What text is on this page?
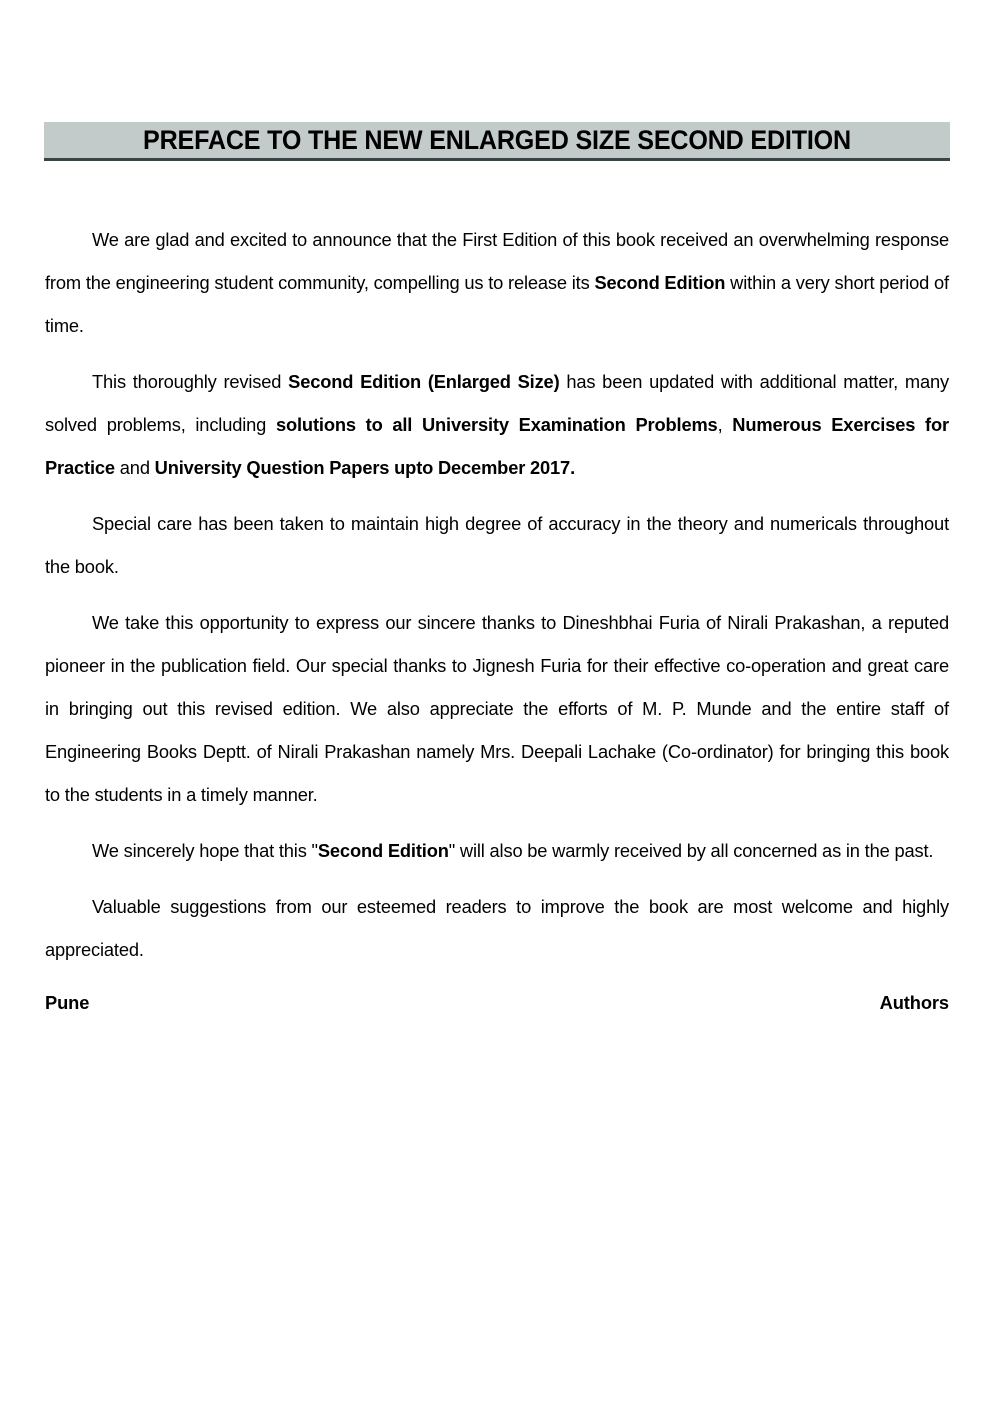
PREFACE TO THE NEW ENLARGED SIZE SECOND EDITION

We are glad and excited to announce that the First Edition of this book received an overwhelming response from the engineering student community, compelling us to release its Second Edition within a very short period of time.

This thoroughly revised Second Edition (Enlarged Size) has been updated with additional matter, many solved problems, including solutions to all University Examination Problems, Numerous Exercises for Practice and University Question Papers upto December 2017.

Special care has been taken to maintain high degree of accuracy in the theory and numericals throughout the book.

We take this opportunity to express our sincere thanks to Dineshbhai Furia of Nirali Prakashan, a reputed pioneer in the publication field. Our special thanks to Jignesh Furia for their effective co-operation and great care in bringing out this revised edition. We also appreciate the efforts of M. P. Munde and the entire staff of Engineering Books Deptt. of Nirali Prakashan namely Mrs. Deepali Lachake (Co-ordinator) for bringing this book to the students in a timely manner.

We sincerely hope that this "Second Edition" will also be warmly received by all concerned as in the past.

Valuable suggestions from our esteemed readers to improve the book are most welcome and highly appreciated.

Pune	Authors
